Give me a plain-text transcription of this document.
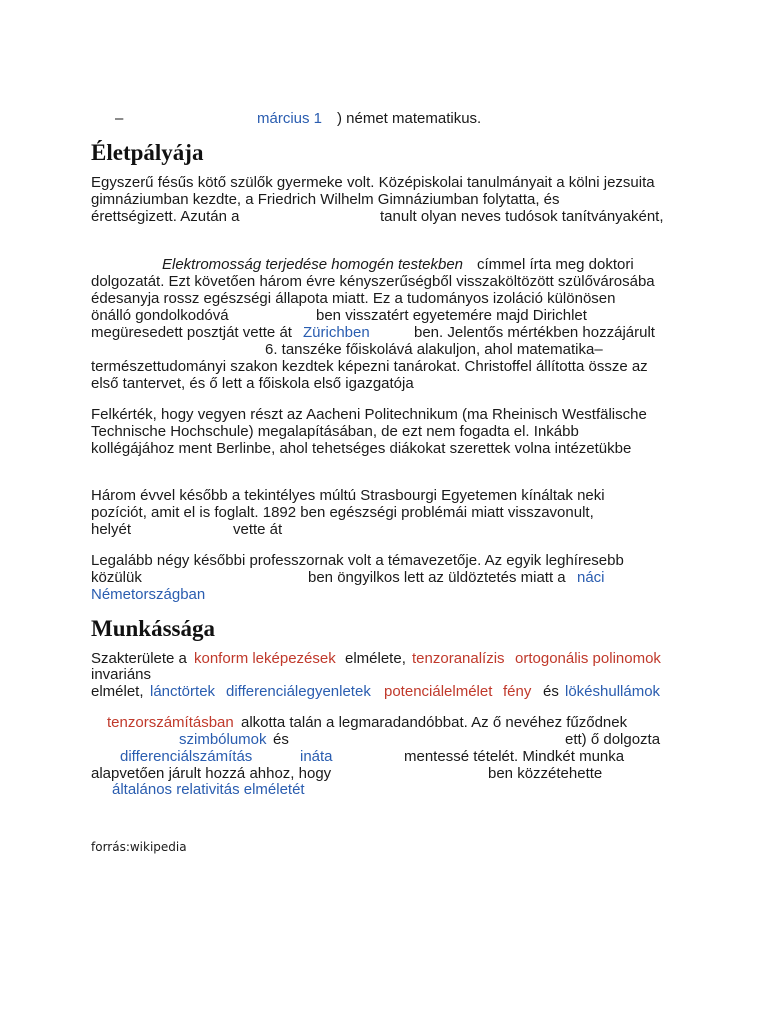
–	március 1 ) német matematikus.
Életpályája
Egyszerű fésűs kötő szülők gyermeke volt. Középiskolai tanulmányait a kölni jezsuita
gimnáziumban kezdte, a Friedrich Wilhelm Gimnáziumban folytatta, és
érettségizett. Azután a	tanult olyan neves tudósok tanítványaként,
Elektromosság terjedése homogén testekben címmel írta meg doktori
dolgozatát. Ezt követően három évre kényszerűségből visszaköltözött szülővárosába
édesanyja rossz egészségi állapota miatt. Ez a tudományos izoláció különösen
önálló gondolkodóvá	ben visszatért egyetemére majd Dirichlet
megüresedett posztját vette át Zürichben	ben. Jelentős mértékben hozzájárult
6. tanszéke főiskolává alakuljon, ahol matematika–
természettudományi szakon kezdtek képezni tanárokat. Christoffel állította össze az
első tantervet, és ő lett a főiskola első igazgatója
Felkérték, hogy vegyen részt az Aacheni Politechnikum (ma Rheinisch Westfälische
Technische Hochschule) megalapításában, de ezt nem fogadta el. Inkább
kollégájához ment Berlinbe, ahol tehetséges diákokat szerettek volna intézetükbe
Három évvel később a tekintélyes múltú Strasbourgi Egyetemen kínáltak neki
pozíciót, amit el is foglalt. 1892 ben egészségi problémái miatt visszavonult,
helyét	vette át
Legalább négy későbbi professzornak volt a témavezetője. Az egyik leghíresebb
közülük	ben öngyilkos lett az üldöztetés miatt a náci
Németországban
Munkássága
Szakterülete a konform leképezések elmélete, tenzoranalízis ortogonális polinomok
invariáns
elmélet, lánctörtek differenciálegyenletek potenciálelmélet fény és lökéshullámok
tenzorszámításban alkotta talán a legmaradandóbbat. Az ő nevéhez fűződnek
szimbólumok és	ett) ő dolgozta
differenciálszámítás	ináta	mentessé tételét. Mindkét munka
alapvetően járult hozzá ahhoz, hogy	ben közzétehette
általános relativitás elméletét
forrás:wikipedia
